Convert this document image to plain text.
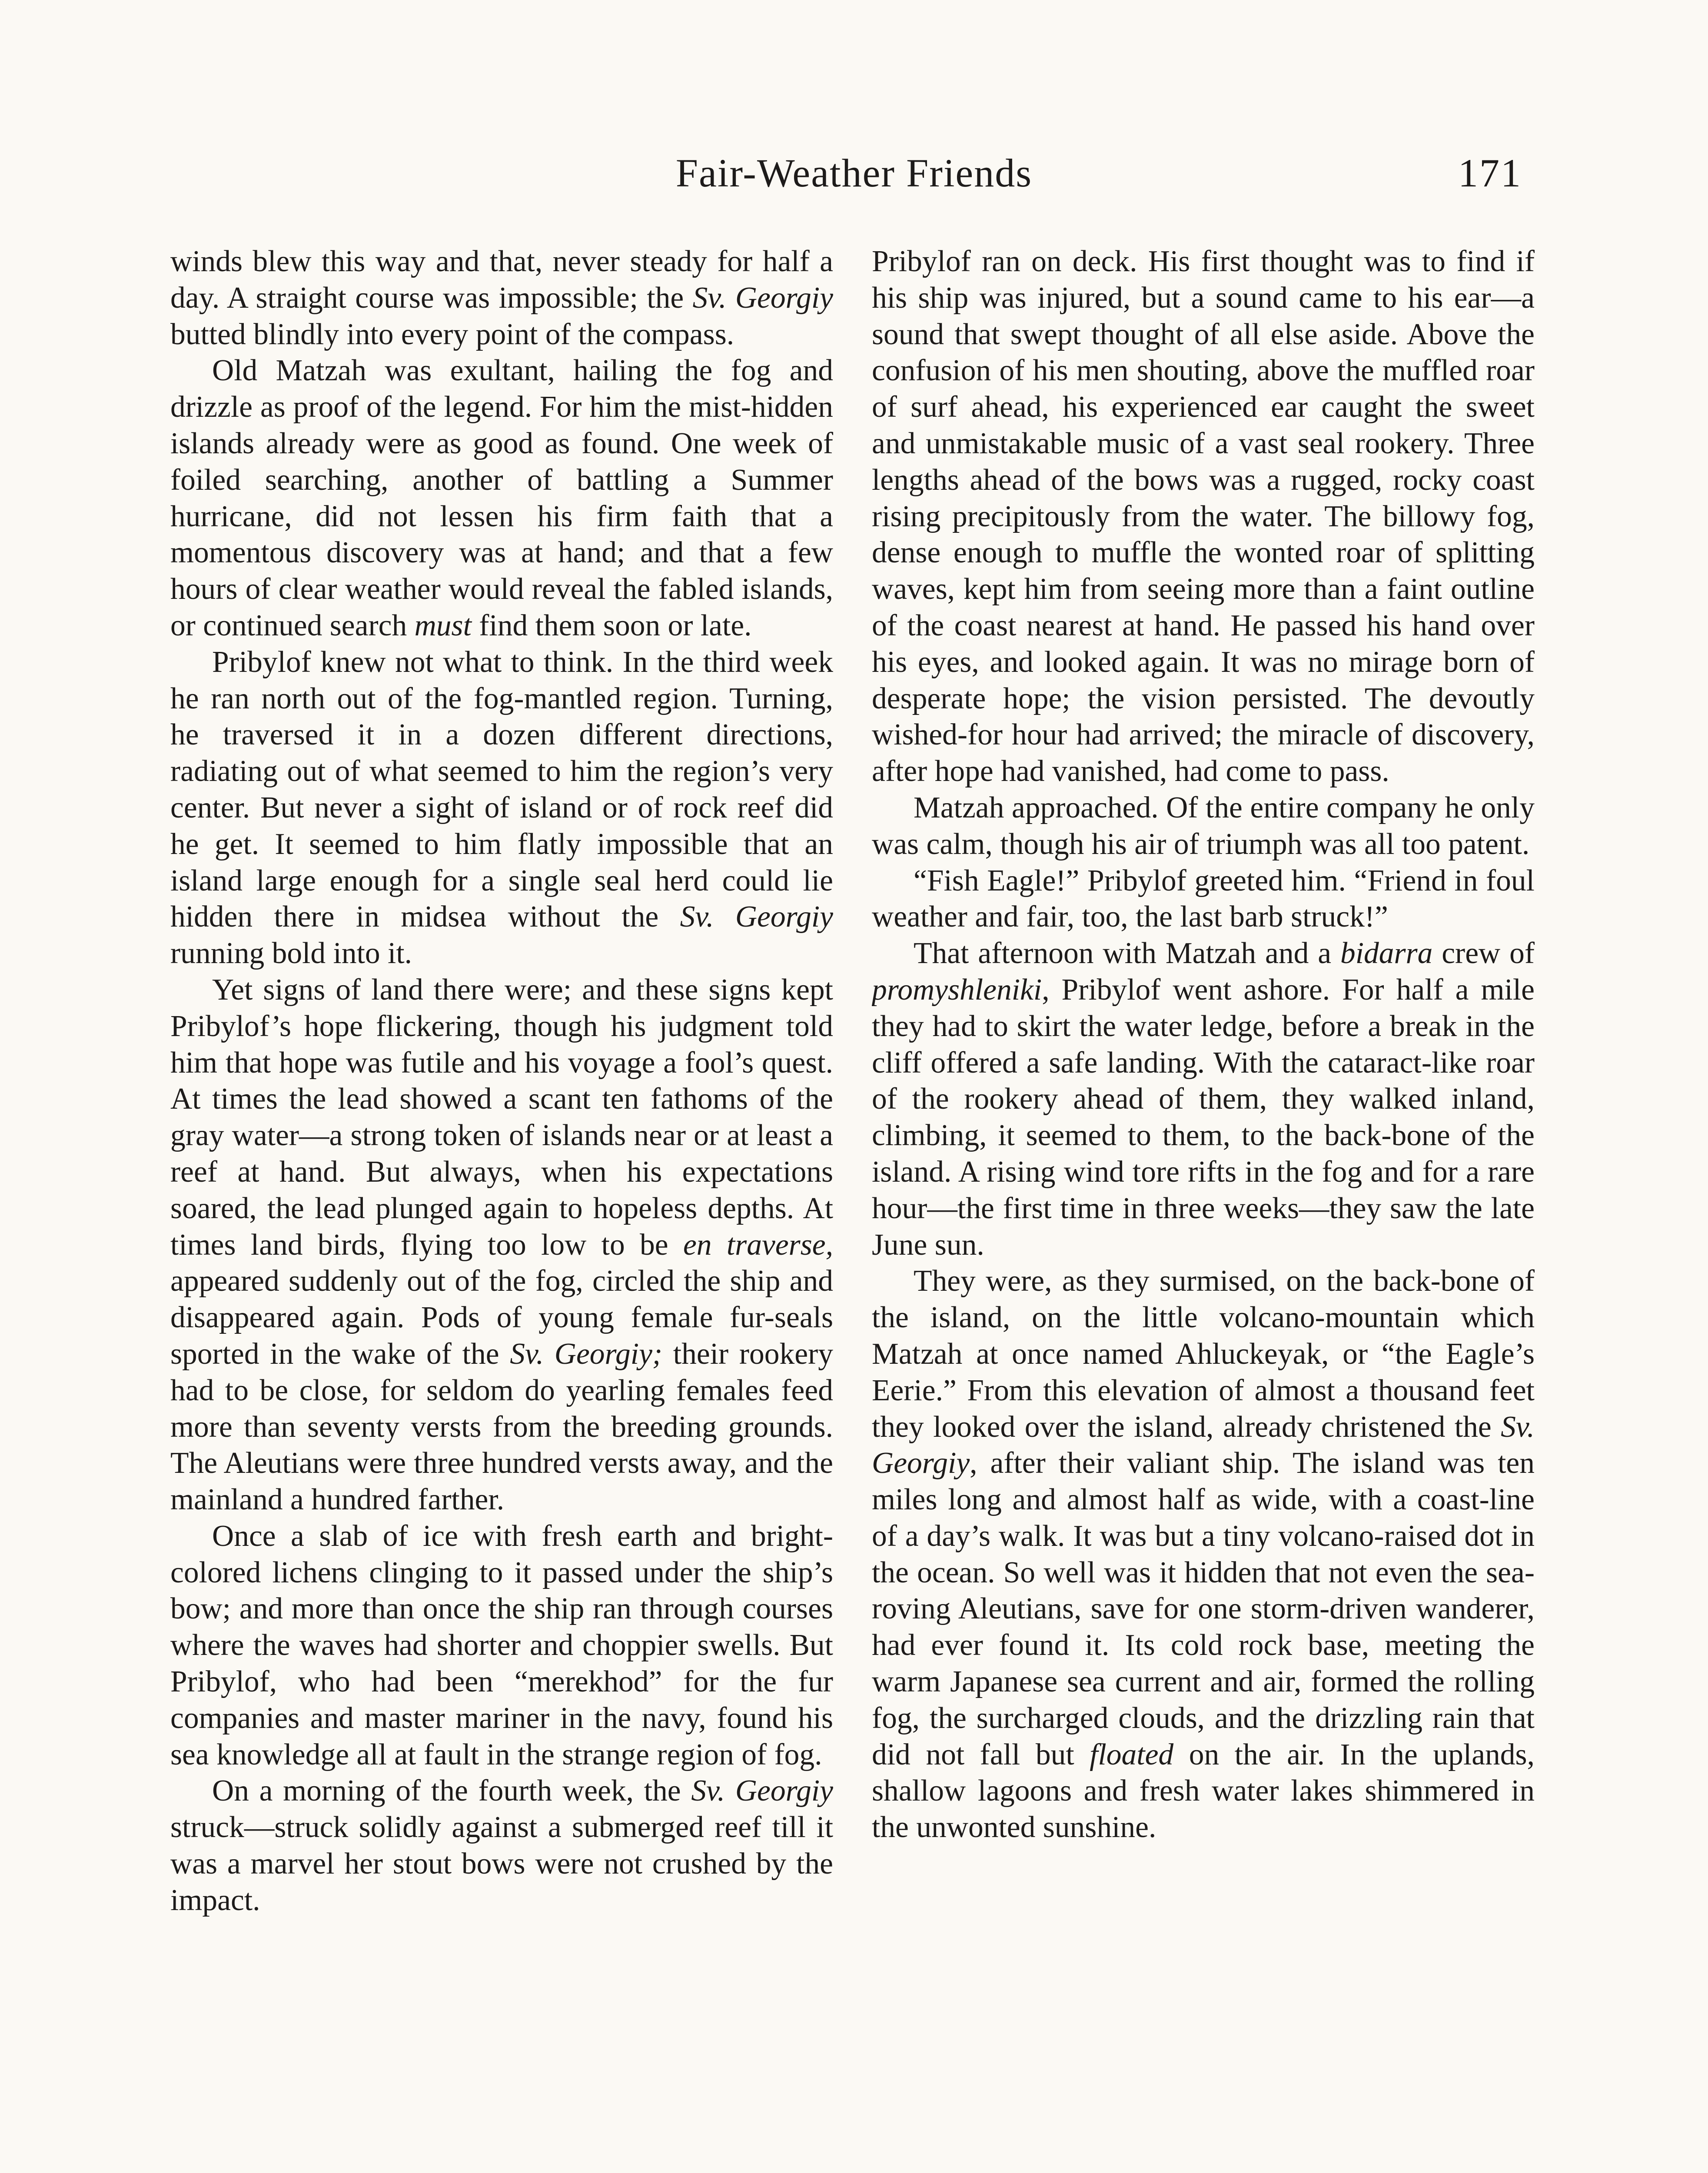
Fair-Weather Friends	171

winds blew this way and that, never steady for half a day. A straight course was impossible; the Sv. Georgiy butted blindly into every point of the compass.

Old Matzah was exultant, hailing the fog and drizzle as proof of the legend. For him the mist-hidden islands already were as good as found. One week of foiled searching, another of battling a Summer hurricane, did not lessen his firm faith that a momentous discovery was at hand; and that a few hours of clear weather would reveal the fabled islands, or continued search must find them soon or late.

Pribylof knew not what to think. In the third week he ran north out of the fog-mantled region. Turning, he traversed it in a dozen different directions, radiating out of what seemed to him the region’s very center. But never a sight of island or of rock reef did he get. It seemed to him flatly impossible that an island large enough for a single seal herd could lie hidden there in midsea without the Sv. Georgiy running bold into it.

Yet signs of land there were; and these signs kept Pribylof’s hope flickering, though his judgment told him that hope was futile and his voyage a fool’s quest. At times the lead showed a scant ten fathoms of the gray water—a strong token of islands near or at least a reef at hand. But always, when his expectations soared, the lead plunged again to hopeless depths. At times land birds, flying too low to be en traverse, appeared suddenly out of the fog, circled the ship and disappeared again. Pods of young female fur-seals sported in the wake of the Sv. Georgiy; their rookery had to be close, for seldom do yearling females feed more than seventy versts from the breeding grounds. The Aleutians were three hundred versts away, and the mainland a hundred farther.

Once a slab of ice with fresh earth and bright-colored lichens clinging to it passed under the ship’s bow; and more than once the ship ran through courses where the waves had shorter and choppier swells. But Pribylof, who had been “merekhod” for the fur companies and master mariner in the navy, found his sea knowledge all at fault in the strange region of fog.

On a morning of the fourth week, the Sv. Georgiy struck—struck solidly against a submerged reef till it was a marvel her stout bows were not crushed by the impact.

Pribylof ran on deck. His first thought was to find if his ship was injured, but a sound came to his ear—a sound that swept thought of all else aside. Above the confusion of his men shouting, above the muffled roar of surf ahead, his experienced ear caught the sweet and unmistakable music of a vast seal rookery. Three lengths ahead of the bows was a rugged, rocky coast rising precipitously from the water. The billowy fog, dense enough to muffle the wonted roar of splitting waves, kept him from seeing more than a faint outline of the coast nearest at hand. He passed his hand over his eyes, and looked again. It was no mirage born of desperate hope; the vision persisted. The devoutly wished-for hour had arrived; the miracle of discovery, after hope had vanished, had come to pass.

Matzah approached. Of the entire company he only was calm, though his air of triumph was all too patent.

“Fish Eagle!” Pribylof greeted him. “Friend in foul weather and fair, too, the last barb struck!”

That afternoon with Matzah and a bidarra crew of promyshleniki, Pribylof went ashore. For half a mile they had to skirt the water ledge, before a break in the cliff offered a safe landing. With the cataract-like roar of the rookery ahead of them, they walked inland, climbing, it seemed to them, to the back-bone of the island. A rising wind tore rifts in the fog and for a rare hour—the first time in three weeks—they saw the late June sun.

They were, as they surmised, on the back-bone of the island, on the little volcano-mountain which Matzah at once named Ahluckeyak, or “the Eagle’s Eerie.” From this elevation of almost a thousand feet they looked over the island, already christened the Sv. Georgiy, after their valiant ship. The island was ten miles long and almost half as wide, with a coast-line of a day’s walk. It was but a tiny volcano-raised dot in the ocean. So well was it hidden that not even the sea-roving Aleutians, save for one storm-driven wanderer, had ever found it. Its cold rock base, meeting the warm Japanese sea current and air, formed the rolling fog, the surcharged clouds, and the drizzling rain that did not fall but floated on the air. In the uplands, shallow lagoons and fresh water lakes shimmered in the unwonted sunshine.
